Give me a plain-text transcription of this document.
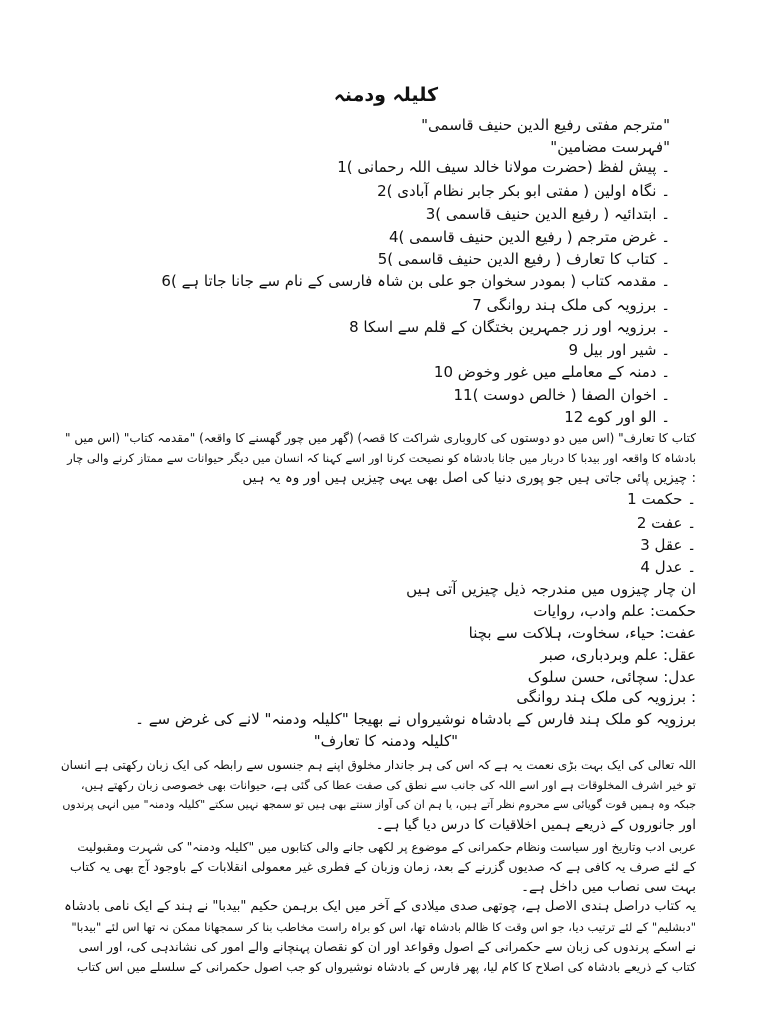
کلیلہ ودمنہ
"مترجم مفتی رفیع الدین حنیف قاسمی"
"فہرست مضامین"
۔ پیش لفظ (حضرت مولانا خالد سیف اللہ رحمانی )1
۔ نگاہ اولین ( مفتی ابو بکر جابر نظام آبادی )2
۔ ابتدائیہ ( رفیع الدین حنیف قاسمی )3
۔ غرض مترجم ( رفیع الدین حنیف قاسمی )4
۔ کتاب کا تعارف ( رفیع الدین حنیف قاسمی )5
۔ مقدمہ کتاب ( بمودر سخوان جو علی بن شاہ فارسی کے نام سے جانا جاتا ہے )6
۔ برزویہ کی ملک ہند روانگی 7
۔ برزویہ اور زر جمہرین بختگان کے قلم سے اسکا 8
۔ شیر اور بیل 9
۔ دمنہ کے معاملے میں غور وخوض 10
۔ اخوان الصفا ( خالص دوست )11
۔ الو اور کوے 12
کتاب کا تعارف" (اس میں دو دوستوں کی کاروباری شراکت کا قصہ) (گھر میں چور گھسنے کا واقعہ) "مقدمہ کتاب" (اس میں "
بادشاہ کا واقعہ اور بیدبا کا دربار میں جانا بادشاہ کو نصیحت کرنا اور اسے کہنا کہ انسان میں دیگر حیوانات سے ممتاز کرنے والی چار
: چیزیں پائی جاتی ہیں جو پوری دنیا کی اصل بھی یہی چیزیں ہیں اور وہ یہ ہیں
۔ حکمت 1
۔ عفت 2
۔ عقل 3
۔ عدل 4
ان چار چیزوں میں مندرجہ ذیل چیزیں آتی ہیں
حکمت: علم وادب، روایات
عفت: حیاء، سخاوت، ہلاکت سے بچنا
عقل: علم وبردباری، صبر
عدل: سچائی، حسن سلوک
: برزویہ کی ملک ہند روانگی
برزویہ کو ملک ہند فارس کے بادشاہ نوشیرواں نے بھیجا "کلیلہ ودمنہ" لانے کی غرض سے ۔
"کلیلہ ودمنہ کا تعارف"
اللہ تعالی کی ایک بہت بڑی نعمت یہ ہے کہ اس کی ہر جاندار مخلوق اپنے ہم جنسوں سے رابطہ کی ایک زبان رکھتی ہے انسان
تو خیر اشرف المخلوقات ہے اور اسے اللہ کی جانب سے نطق کی صفت عطا کی گئی ہے، حیوانات بھی خصوصی زبان رکھتے ہیں،
جبکہ وہ ہمیں قوت گویائی سے محروم نظر آتے ہیں، یا ہم ان کی آواز سنتے بھی ہیں تو سمجھ نہیں سکتے "کلیلہ ودمنہ" میں انہی پرندوں
اور جانوروں کے ذریعے ہمیں اخلاقیات کا درس دیا گیا ہے۔
عربی ادب وتاریخ اور سیاست ونظام حکمرانی کے موضوع پر لکھی جانے والی کتابوں میں "کلیلہ ودمنہ" کی شہرت ومقبولیت
کے لئے صرف یہ کافی ہے کہ صدیوں گزرنے کے بعد، زمان وزبان کے فطری غیر معمولی انقلابات کے باوجود آج بھی یہ کتاب
بہت سی نصاب میں داخل ہے۔
یہ کتاب دراصل ہندی الاصل ہے، چوتھی صدی میلادی کے آخر میں ایک برہمن حکیم "بیدبا" نے ہند کے ایک نامی بادشاہ
"دبشلیم" کے لئے ترتیب دیا، جو اس وقت کا ظالم بادشاہ تھا، اس کو براہ راست مخاطب بنا کر سمجھانا ممکن نہ تھا اس لئے "بیدبا"
نے اسکے پرندوں کی زبان سے حکمرانی کے اصول وقواعد اور ان کو نقصان پہنچانے والے امور کی نشاندہی کی، اور اسی
کتاب کے ذریعے بادشاہ کی اصلاح کا کام لیا، پھر فارس کے بادشاہ نوشیرواں کو جب اصول حکمرانی کے سلسلے میں اس کتاب
